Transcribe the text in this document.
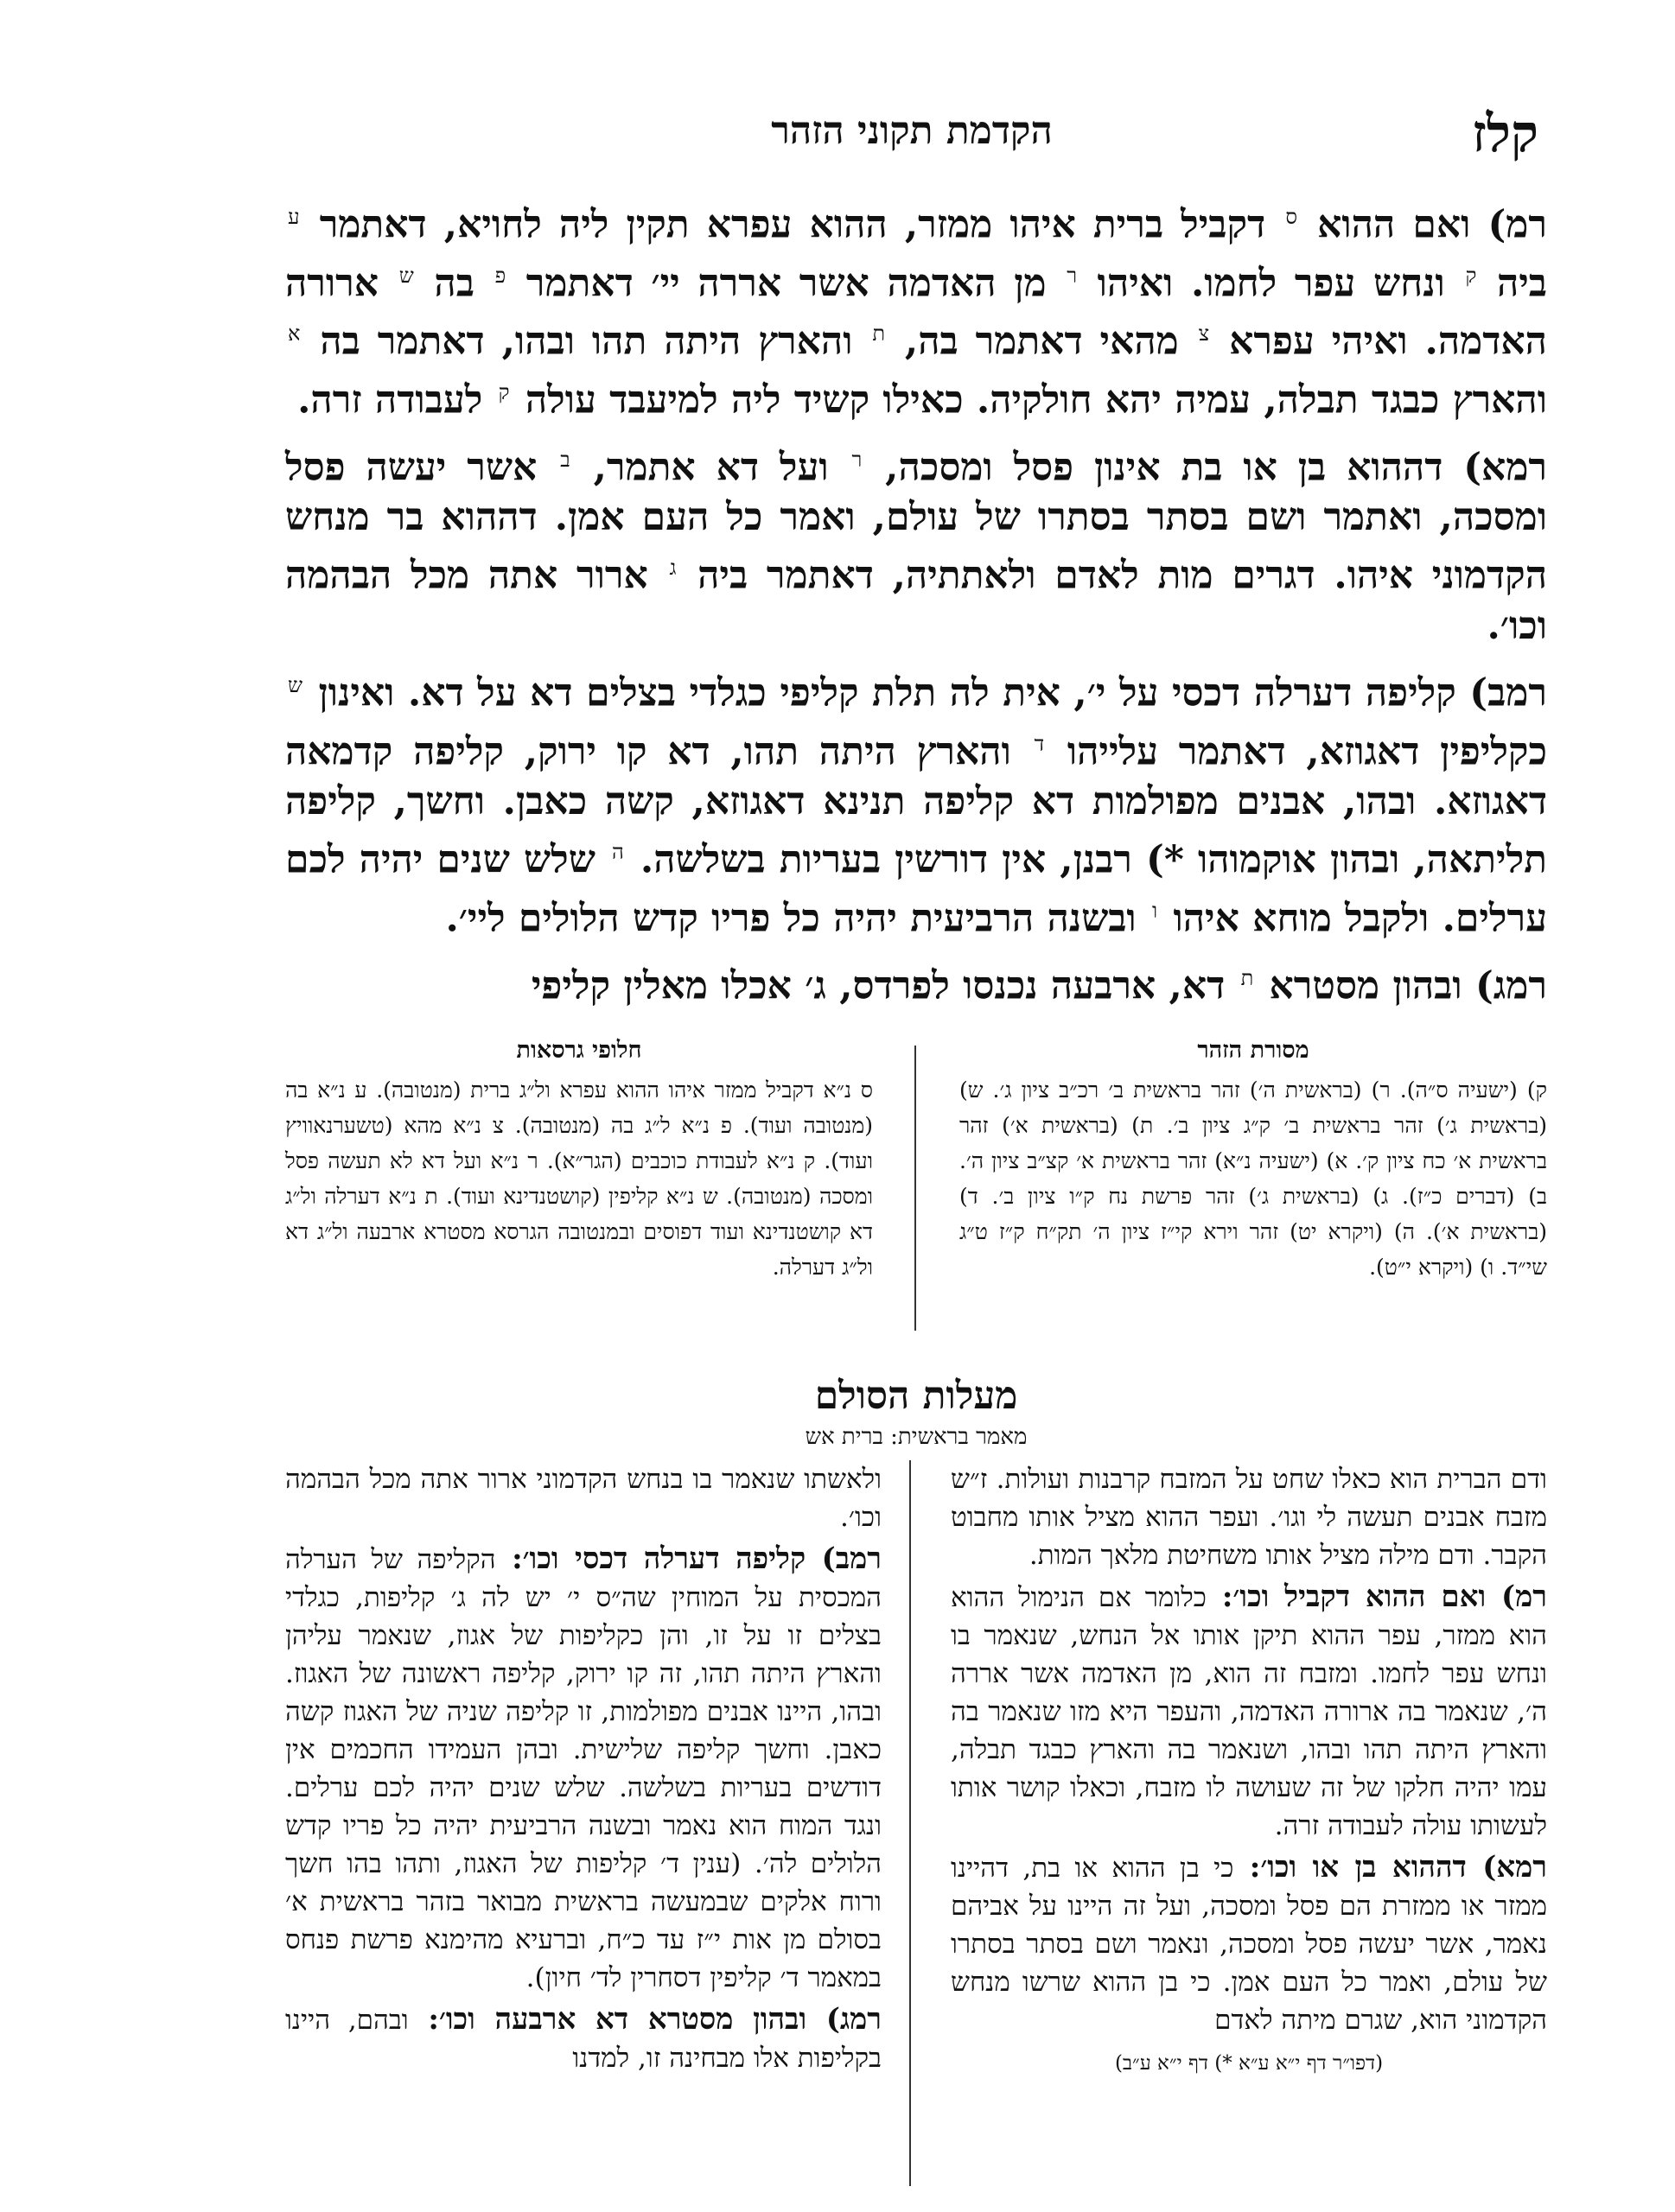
קלז
הקדמת תקוני הזהר

רמ) ואם ההוא $^ס$ דקביל ברית איהו ממזר, ההוא עפרא תקין ליה לחויא, דאתמר $^ע$ ביה $^ק$ ונחש עפר לחמו. ואיהו $^ר$ מן האדמה אשר אררה יי׳ דאתמר $^פ$ בה $^ש$ ארורה האדמה. ואיהי עפרא $^צ$ מהאי דאתמר בה, $^ת$ והארץ היתה תהו ובהו, דאתמר בה $^א$ והארץ כבגד תבלה, עמיה יהא חולקיה. כאילו קשיד ליה למיעבד עולה $^ק$ לעבודה זרה.

רמא) דההוא בן או בת אינון פסל ומסכה, $^ר$ ועל דא אתמר, $^ב$ אשר יעשה פסל ומסכה, ואתמר ושם בסתר בסתרו של עולם, ואמר כל העם אמן. דההוא בר מנחש הקדמוני איהו. דגרים מות לאדם ולאתתיה, דאתמר ביה $^ג$ ארור אתה מכל הבהמה וכו׳.

רמב) קליפה דערלה דכסי על י׳, אית לה תלת קליפי כגלדי בצלים דא על דא. ואינון $^ש$ כקליפין דאגוזא, דאתמר עלייהו $^ד$ והארץ היתה תהו, דא קו ירוק, קליפה קדמאה דאגוזא. ובהו, אבנים מפולמות דא קליפה תנינא דאגוזא, קשה כאבן. וחשך, קליפה תליתאה, ובהון אוקמוהו *) רבנן, אין דורשין בעריות בשלשה. $^ה$ שלש שנים יהיה לכם ערלים. ולקבל מוחא איהו $^ו$ ובשנה הרביעית יהיה כל פריו קדש הלולים ליי׳.

רמג) ובהון מסטרא $^ת$ דא, ארבעה נכנסו לפרדס, ג׳ אכלו מאלין קליפי

מסורת הזהר
ק) (ישעיה ס״ה). ר) (בראשית ה׳) זהר בראשית ב׳ רכ״ב ציון ג׳. ש) (בראשית ג׳) זהר בראשית ב׳ ק״ג ציון ב׳. ת) (בראשית א׳) זהר בראשית א׳ כח ציון ק׳. א) (ישעיה נ״א) זהר בראשית א׳ קצ״ב ציון ה׳. ב) (דברים כ״ז). ג) (בראשית ג׳) זהר פרשת נח ק״ו ציון ב׳. ד) (בראשית א׳). ה) (ויקרא יט) זהר וירא קי״ז ציון ה׳ תק״ח ק״ז ט״ג שי״ד. ו) (ויקרא י״ט).
חלופי גרסאות
ס נ״א דקביל ממזר איהו ההוא עפרא ול״ג ברית (מנטובה). ע נ״א בה (מנטובה ועוד). פ נ״א ל״ג בה (מנטובה). צ נ״א מהא (טשערנאוויץ ועוד). ק נ״א לעבודת כוכבים (הגר״א). ר נ״א ועל דא לא תעשה פסל ומסכה (מנטובה). ש נ״א קליפין (קושטנדינא ועוד). ת נ״א דערלה ול״ג דא קושטנדינא ועוד דפוסים ובמנטובה הגרסא מסטרא ארבעה ול״ג דא ול״ג דערלה.
מעלות הסולם
מאמר בראשית: ברית אש

ודם הברית הוא כאלו שחט על המזבח קרבנות ועולות. ז״ש מזבח אבנים תעשה לי וגו׳. ועפר ההוא מציל אותו מחבוט הקבר. ודם מילה מציל אותו משחיטת מלאך המות.

רמ) ואם ההוא דקביל וכו׳: כלומר אם הנימול ההוא הוא ממזר, עפר ההוא תיקן אותו אל הנחש, שנאמר בו ונחש עפר לחמו. ומזבח זה הוא, מן האדמה אשר אררה ה׳, שנאמר בה ארורה האדמה, והעפר היא מזו שנאמר בה והארץ היתה תהו ובהו, ושנאמר בה והארץ כבגד תבלה, עמו יהיה חלקו של זה שעושה לו מזבח, וכאלו קושר אותו לעשותו עולה לעבודה זרה.

רמא) דההוא בן או וכו׳: כי בן ההוא או בת, דהיינו ממזר או ממזרת הם פסל ומסכה, ועל זה היינו על אביהם נאמר, אשר יעשה פסל ומסכה, ונאמר ושם בסתר בסתרו של עולם, ואמר כל העם אמן. כי בן ההוא שרשו מנחש הקדמוני הוא, שגרם מיתה לאדם

(דפו״ר דף י״א ע״א *) דף י״א ע״ב)

ולאשתו שנאמר בו בנחש הקדמוני ארור אתה מכל הבהמה וכו׳.

רמב) קליפה דערלה דכסי וכו׳: הקליפה של הערלה המכסית על המוחין שה״ס י׳ יש לה ג׳ קליפות, כגלדי בצלים זו על זו, והן כקליפות של אגוז, שנאמר עליהן והארץ היתה תהו, זה קו ירוק, קליפה ראשונה של האגוז. ובהו, היינו אבנים מפולמות, זו קליפה שניה של האגוז קשה כאבן. וחשך קליפה שלישית. ובהן העמידו החכמים אין דודשים בעריות בשלשה. שלש שנים יהיה לכם ערלים. ונגד המוח הוא נאמר ובשנה הרביעית יהיה כל פריו קדש הלולים לה׳. (ענין ד׳ קליפות של האגוז, ותהו בהו חשך ורוח אלקים שבמעשה בראשית מבואר בזהר בראשית א׳ בסולם מן אות י״ז עד כ״ח, וברעיא מהימנא פרשת פנחס במאמר ד׳ קליפין דסחרין לד׳ חיון).

רמג) ובהון מסטרא דא ארבעה וכו׳: ובהם, היינו בקליפות אלו מבחינה זו, למדנו
